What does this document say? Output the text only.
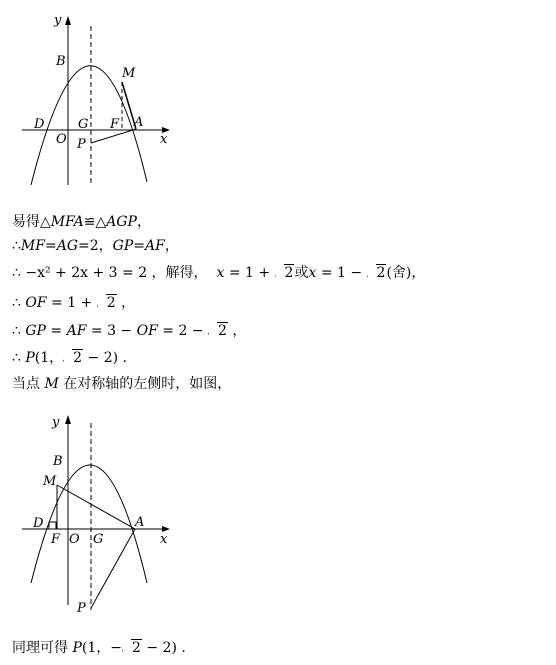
y
x
B
M
D
O
G F A
P
易得△MFA≌△AGP，
∴MF=AG=2，GP=AF，
∴ −x² + 2x + 3 = 2 ，解得， x = 1 + 2或x = 1 − 2(舍)，
∴ OF = 1 + 2 ，
∴ GP = AF = 3 − OF = 2 − 2 ，
∴ P(1， 2 − 2) .
当点 M 在对称轴的左侧时，如图，
y
x
B
M
D
F O G
A
P
同理可得 P(1，− 2 − 2) .
